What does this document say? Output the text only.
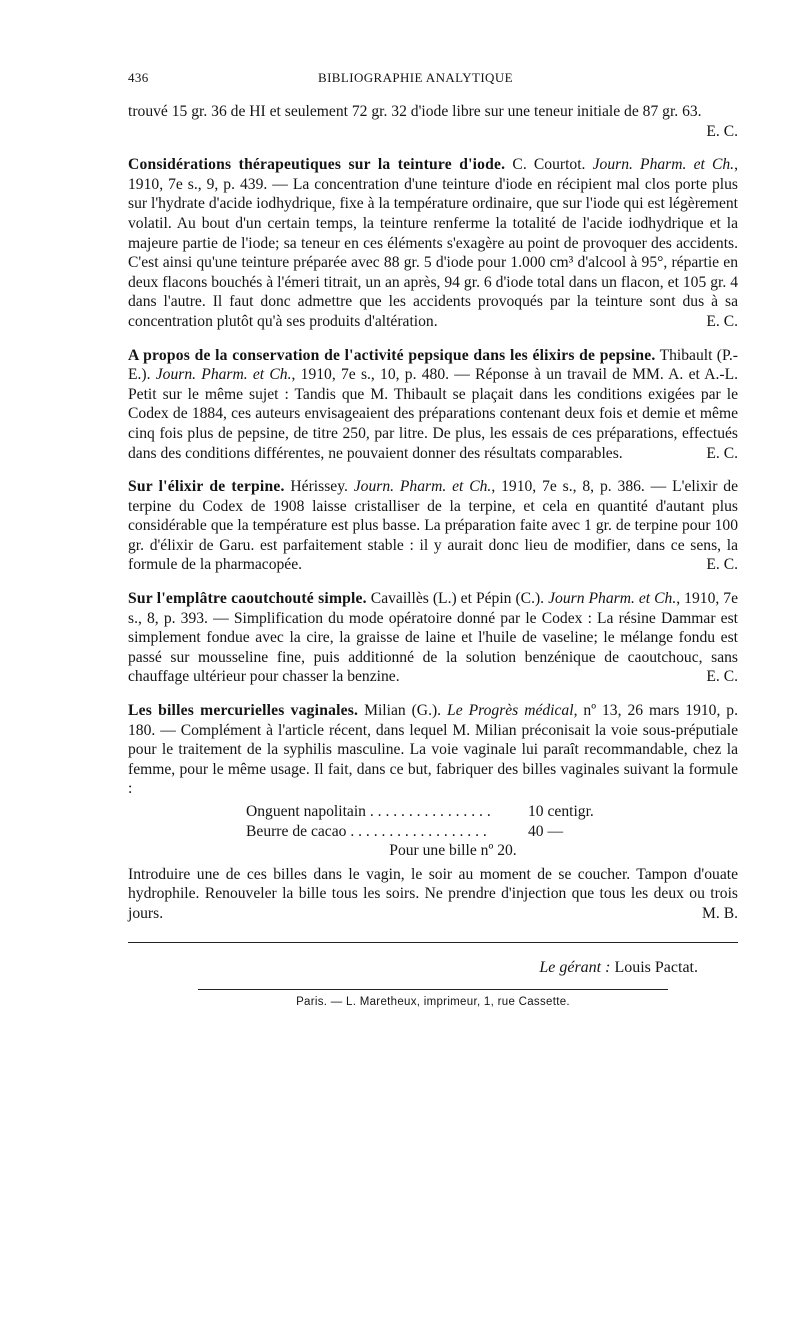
436	BIBLIOGRAPHIE ANALYTIQUE

trouvé 15 gr. 36 de HI et seulement 72 gr. 32 d'iode libre sur une teneur initiale de 87 gr. 63.
E. C.

Considérations thérapeutiques sur la teinture d'iode. C. Courtot. Journ. Pharm. et Ch., 1910, 7e s., 9, p. 439. — La concentration d'une teinture d'iode en récipient mal clos porte plus sur l'hydrate d'acide iodhydrique, fixe à la température ordinaire, que sur l'iode qui est légèrement volatil. Au bout d'un certain temps, la teinture renferme la totalité de l'acide iodhydrique et la majeure partie de l'iode; sa teneur en ces éléments s'exagère au point de provoquer des accidents. C'est ainsi qu'une teinture préparée avec 88 gr. 5 d'iode pour 1.000 cm³ d'alcool à 95°, répartie en deux flacons bouchés à l'émeri titrait, un an après, 94 gr. 6 d'iode total dans un flacon, et 105 gr. 4 dans l'autre. Il faut donc admettre que les accidents provoqués par la teinture sont dus à sa concentration plutôt qu'à ses produits d'altération.	E. C.

A propos de la conservation de l'activité pepsique dans les élixirs de pepsine. Thibault (P.-E.). Journ. Pharm. et Ch., 1910, 7e s., 10, p. 480. — Réponse à un travail de MM. A. et A.-L. Petit sur le même sujet : Tandis que M. Thibault se plaçait dans les conditions exigées par le Codex de 1884, ces auteurs envisageaient des préparations contenant deux fois et demie et même cinq fois plus de pepsine, de titre 250, par litre. De plus, les essais de ces préparations, effectués dans des conditions différentes, ne pouvaient donner des résultats comparables.	E. C.

Sur l'élixir de terpine. Hérissey. Journ. Pharm. et Ch., 1910, 7e s., 8, p. 386. — L'elixir de terpine du Codex de 1908 laisse cristalliser de la terpine, et cela en quantité d'autant plus considérable que la température est plus basse. La préparation faite avec 1 gr. de terpine pour 100 gr. d'élixir de Garu. est parfaitement stable : il y aurait donc lieu de modifier, dans ce sens, la formule de la pharmacopée.	E. C.

Sur l'emplâtre caoutchouté simple. Cavaillès (L.) et Pépin (C.). Journ Pharm. et Ch., 1910, 7e s., 8, p. 393. — Simplification du mode opératoire donné par le Codex : La résine Dammar est simplement fondue avec la cire, la graisse de laine et l'huile de vaseline; le mélange fondu est passé sur mousseline fine, puis additionné de la solution benzénique de caoutchouc, sans chauffage ultérieur pour chasser la benzine.	E. C.

Les billes mercurielles vaginales. Milian (G.). Le Progrès médical, nº 13, 26 mars 1910, p. 180. — Complément à l'article récent, dans lequel M. Milian préconisait la voie sous-préputiale pour le traitement de la syphilis masculine. La voie vaginale lui paraît recommandable, chez la femme, pour le même usage. Il fait, dans ce but, fabriquer des billes vaginales suivant la formule :

Onguent napolitain . . . . . . . . . . . . . . . .	10 centigr.
Beurre de cacao . . . . . . . . . . . . . . . . . .	40 —
Pour une bille nº 20.

Introduire une de ces billes dans le vagin, le soir au moment de se coucher. Tampon d'ouate hydrophile. Renouveler la bille tous les soirs. Ne prendre d'injection que tous les deux ou trois jours.	M. B.

Le gérant : Louis Pactat.
Paris. — L. Maretheux, imprimeur, 1, rue Cassette.
